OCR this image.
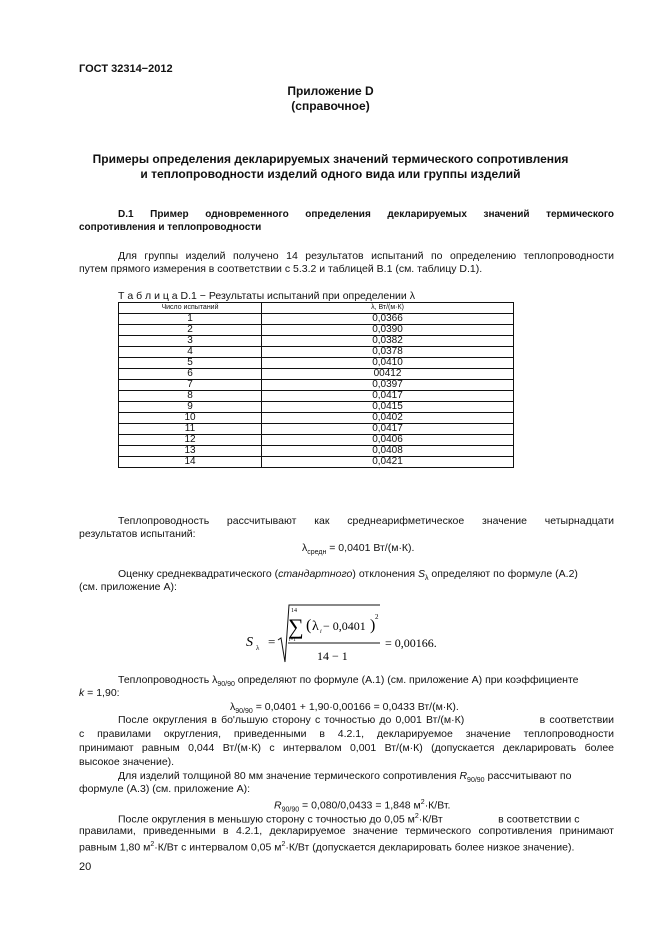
ГОСТ 32314−2012
Приложение D
(справочное)
Примеры определения декларируемых значений термического сопротивления
и теплопроводности изделий одного вида или группы изделий
D.1 Пример одновременного определения декларируемых значений термического
сопротивления и теплопроводности
Для группы изделий получено 14 результатов испытаний по определению теплопроводности
путем прямого измерения в соответствии с 5.3.2 и таблицей В.1 (см. таблицу D.1).
Т а б л и ц а D.1 − Результаты испытаний при определении λ
Число испытаний	λ, Вт/(м·К)
1	0,0366
2	0,0390
3	0,0382
4	0,0378
5	0,0410
6	00412
7	0,0397
8	0,0417
9	0,0415
10	0,0402
11	0,0417
12	0,0406
13	0,0408
14	0,0421
Теплопроводность рассчитывают как среднеарифметическое значение четырнадцати
результатов испытаний:
$\lambda_{средн} = 0,0401$ Вт/(м·К).
Оценку среднеквадратического (стандартного) отклонения $S_\lambda$ определяют по формуле (А.2)
(см. приложение А):
S λ =
14
∑
i=1
( λ i − 0,0401 ) 2
14 − 1
= 0,00166.
Теплопроводность $\lambda_{90/90}$ определяют по формуле (А.1) (см. приложение А) при коэффициенте
k = 1,90:
$\lambda_{90/90} = 0,0401 + 1,90\cdot 0,00166 = 0,0433$ Вт/(м·К).
После округления в бо'льшую сторону с точностью до 0,001 Вт/(м·К)                  в соответствии
с правилами округления, приведенными в 4.2.1, декларируемое значение теплопроводности
принимают равным 0,044 Вт/(м·К) с интервалом 0,001 Вт/(м·К) (допускается декларировать более
высокое значение).
Для изделий толщиной 80 мм значение термического сопротивления $R_{90/90}$ рассчитывают по
формуле (А.3) (см. приложение А):
$R_{90/90} = 0,080/0,0433 = 1,848$ $м^2\cdot К/Вт$.
После округления в меньшую сторону с точностью до 0,05 $м^2\cdot К/Вт$                   в соответствии с
правилами, приведенными в 4.2.1, декларируемое значение термического сопротивления принимают
равным 1,80 $м^2\cdot К/Вт$ с интервалом 0,05 $м^2\cdot К/Вт$ (допускается декларировать более низкое значение).
20
